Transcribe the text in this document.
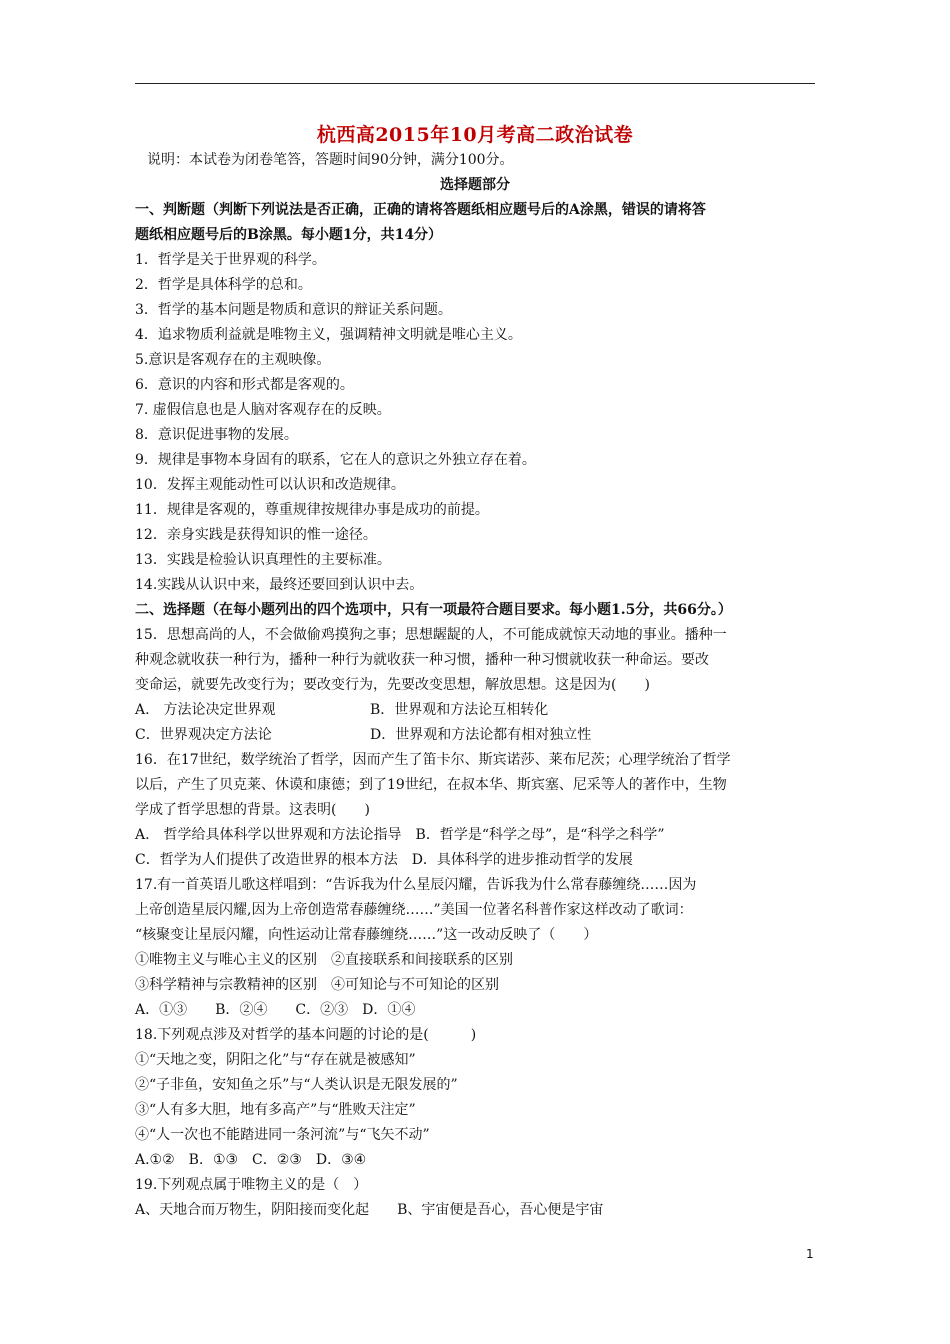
杭西高2015年10月考高二政治试卷
说明：本试卷为闭卷笔答，答题时间90分钟，满分100分。
选择题部分
一、判断题（判断下列说法是否正确，正确的请将答题纸相应题号后的A涂黑，错误的请将答
题纸相应题号后的B涂黑。每小题1分，共14分）
1．哲学是关于世界观的科学。
2．哲学是具体科学的总和。
3．哲学的基本问题是物质和意识的辩证关系问题。
4．追求物质利益就是唯物主义，强调精神文明就是唯心主义。
5.意识是客观存在的主观映像。
6．意识的内容和形式都是客观的。
7. 虚假信息也是人脑对客观存在的反映。
8．意识促进事物的发展。
9．规律是事物本身固有的联系，它在人的意识之外独立存在着。
10．发挥主观能动性可以认识和改造规律。
11．规律是客观的，尊重规律按规律办事是成功的前提。
12．亲身实践是获得知识的惟一途径。
13．实践是检验认识真理性的主要标准。
14.实践从认识中来，最终还要回到认识中去。
二、选择题（在每小题列出的四个选项中，只有一项最符合题目要求。每小题1.5分，共66分。）
15．思想高尚的人，不会做偷鸡摸狗之事；思想龌龊的人，不可能成就惊天动地的事业。播种一
种观念就收获一种行为，播种一种行为就收获一种习惯，播种一种习惯就收获一种命运。要改
变命运，就要先改变行为；要改变行为，先要改变思想，解放思想。这是因为(　　)
A.　方法论决定世界观	B．世界观和方法论互相转化
C．世界观决定方法论	D．世界观和方法论都有相对独立性
16．在17世纪，数学统治了哲学，因而产生了笛卡尔、斯宾诺莎、莱布尼茨；心理学统治了哲学
以后，产生了贝克莱、休谟和康德；到了19世纪，在叔本华、斯宾塞、尼采等人的著作中，生物
学成了哲学思想的背景。这表明(　　)
A.　哲学给具体科学以世界观和方法论指导　B．哲学是“科学之母”，是“科学之科学”
C．哲学为人们提供了改造世界的根本方法　D．具体科学的进步推动哲学的发展
17.有一首英语儿歌这样唱到：“告诉我为什么星辰闪耀，告诉我为什么常春藤缠绕……因为
上帝创造星辰闪耀,因为上帝创造常春藤缠绕……”美国一位著名科普作家这样改动了歌词：
“核聚变让星辰闪耀，向性运动让常春藤缠绕……”这一改动反映了（　　）
①唯物主义与唯心主义的区别　②直接联系和间接联系的区别
③科学精神与宗教精神的区别　④可知论与不可知论的区别
A．①③　　B．②④　　C．②③　D．①④
18.下列观点涉及对哲学的基本问题的讨论的是(　　　)
①“天地之变，阴阳之化”与“存在就是被感知”
②“子非鱼，安知鱼之乐”与“人类认识是无限发展的”
③“人有多大胆，地有多高产”与“胜败天注定”
④“人一次也不能踏进同一条河流”与“飞矢不动”
A.①②　B．①③　C．②③　D．③④
19.下列观点属于唯物主义的是（　）
A、天地合而万物生，阴阳接而变化起　　B、宇宙便是吾心，吾心便是宇宙
1
